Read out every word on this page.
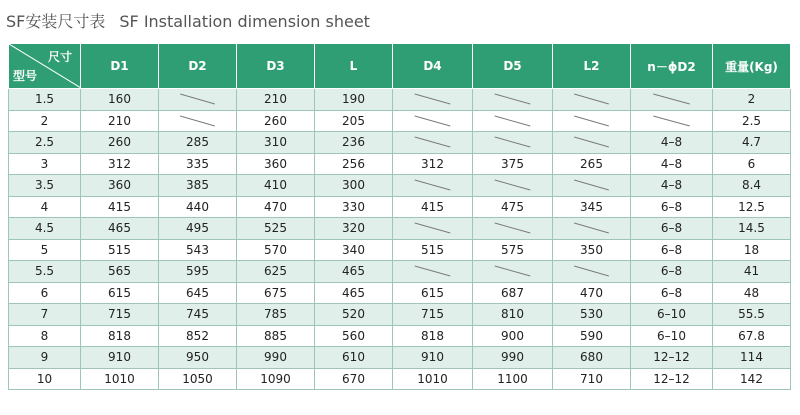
SF安装尺寸表 SF Installation dimension sheet
尺寸
型号	D1	D2	D3	L	D4	D5	L2	n－ϕD2	重量(Kg)
1.5	160		210	190					2
2	210		260	205					2.5
2.5	260	285	310	236				4–8	4.7
3	312	335	360	256	312	375	265	4–8	6
3.5	360	385	410	300				4–8	8.4
4	415	440	470	330	415	475	345	6–8	12.5
4.5	465	495	525	320				6–8	14.5
5	515	543	570	340	515	575	350	6–8	18
5.5	565	595	625	465				6–8	41
6	615	645	675	465	615	687	470	6–8	48
7	715	745	785	520	715	810	530	6–10	55.5
8	818	852	885	560	818	900	590	6–10	67.8
9	910	950	990	610	910	990	680	12–12	114
10	1010	1050	1090	670	1010	1100	710	12–12	142
